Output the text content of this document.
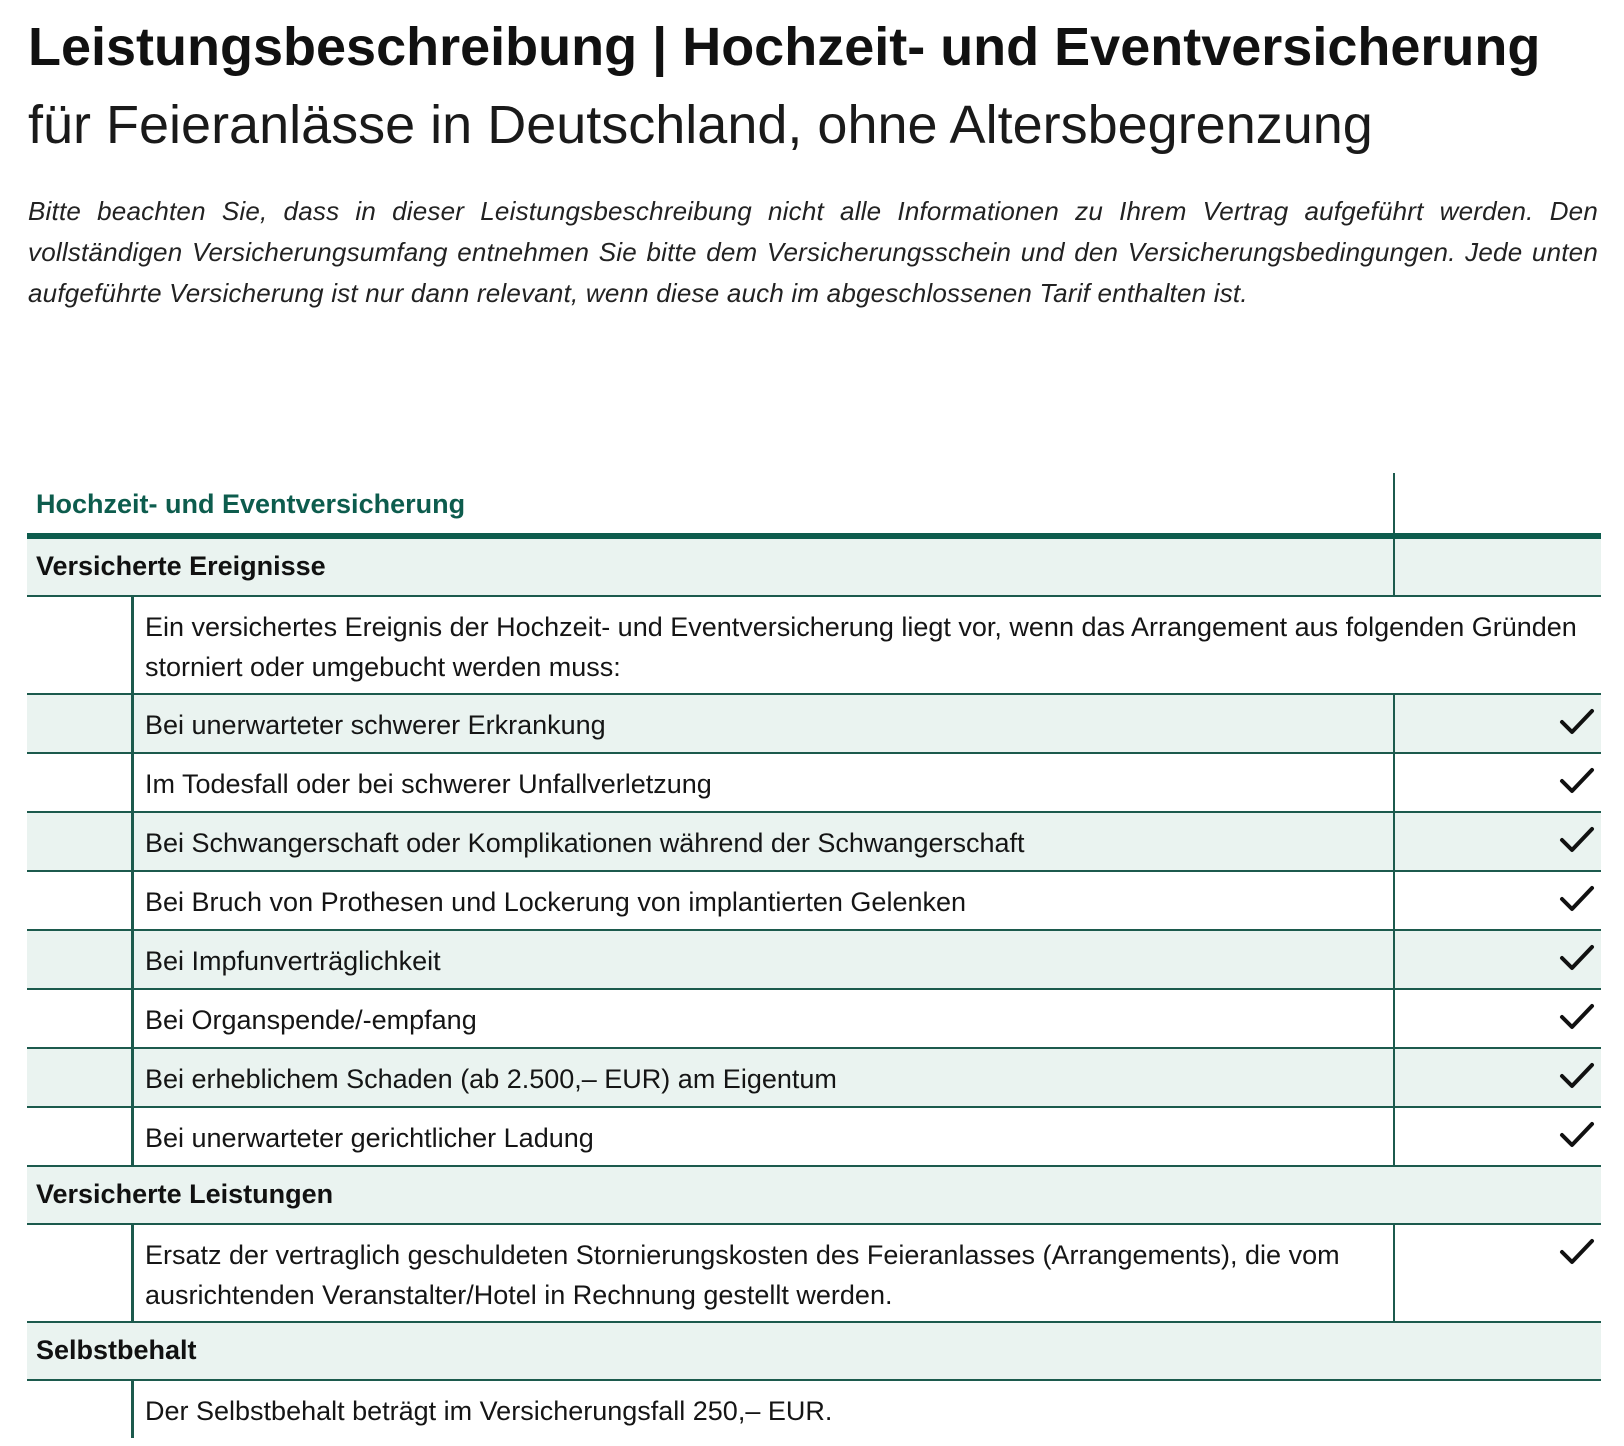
Leistungsbeschreibung | Hochzeit- und Eventversicherung
für Feieranlässe in Deutschland, ohne Altersbegrenzung
Bitte beachten Sie, dass in dieser Leistungsbeschreibung nicht alle Informationen zu Ihrem Vertrag aufgeführt werden. Den vollständigen Versicherungsumfang entnehmen Sie bitte dem Versicherungsschein und den Versicherungsbedingungen. Jede unten aufgeführte Versicherung ist nur dann relevant, wenn diese auch im abgeschlossenen Tarif enthalten ist.
Hochzeit- und Eventversicherung
Versicherte Ereignisse
Ein versichertes Ereignis der Hochzeit- und Eventversicherung liegt vor, wenn das Arrangement aus folgenden Gründen storniert oder umgebucht werden muss:
Bei unerwarteter schwerer Erkrankung
Im Todesfall oder bei schwerer Unfallverletzung
Bei Schwangerschaft oder Komplikationen während der Schwangerschaft
Bei Bruch von Prothesen und Lockerung von implantierten Gelenken
Bei Impfunverträglichkeit
Bei Organspende/-empfang
Bei erheblichem Schaden (ab 2.500,– EUR) am Eigentum
Bei unerwarteter gerichtlicher Ladung
Versicherte Leistungen
Ersatz der vertraglich geschuldeten Stornierungskosten des Feieranlasses (Arrangements), die vom ausrichtenden Veranstalter/Hotel in Rechnung gestellt werden.
Selbstbehalt
Der Selbstbehalt beträgt im Versicherungsfall 250,– EUR.
